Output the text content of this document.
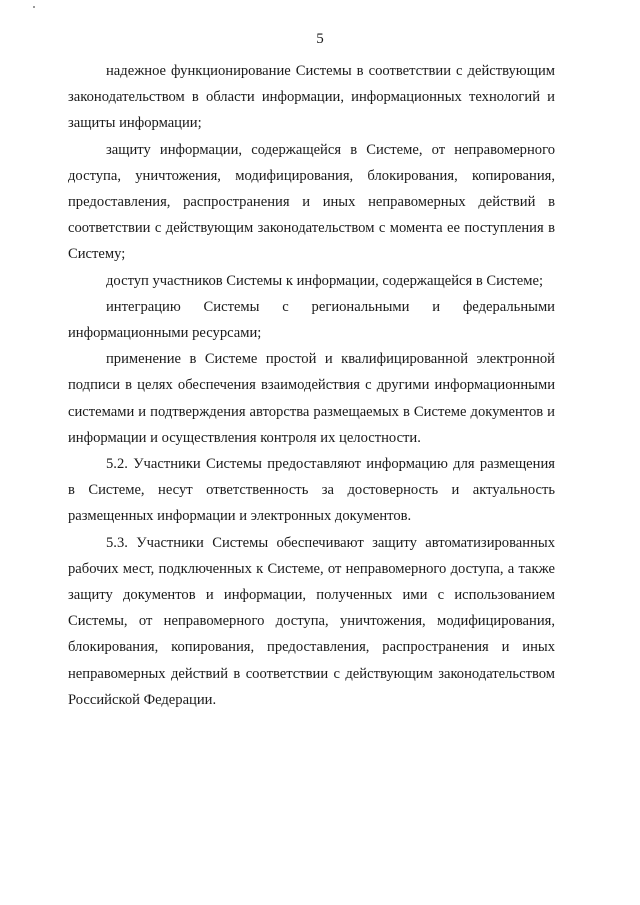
5

надежное функционирование Системы в соответствии с действующим законодательством в области информации, информационных технологий и защиты информации;

защиту информации, содержащейся в Системе, от неправомерного доступа, уничтожения, модифицирования, блокирования, копирования, предоставления, распространения и иных неправомерных действий в соответствии с действующим законодательством с момента ее поступления в Систему;

доступ участников Системы к информации, содержащейся в Системе;

интеграцию Системы с региональными и федеральными информационными ресурсами;

применение в Системе простой и квалифицированной электронной подписи в целях обеспечения взаимодействия с другими информационными системами и подтверждения авторства размещаемых в Системе документов и информации и осуществления контроля их целостности.

5.2. Участники Системы предоставляют информацию для размещения в Системе, несут ответственность за достоверность и актуальность размещенных информации и электронных документов.

5.3. Участники Системы обеспечивают защиту автоматизированных рабочих мест, подключенных к Системе, от неправомерного доступа, а также защиту документов и информации, полученных ими с использованием Системы, от неправомерного доступа, уничтожения, модифицирования, блокирования, копирования, предоставления, распространения и иных неправомерных действий в соответствии с действующим законодательством Российской Федерации.
